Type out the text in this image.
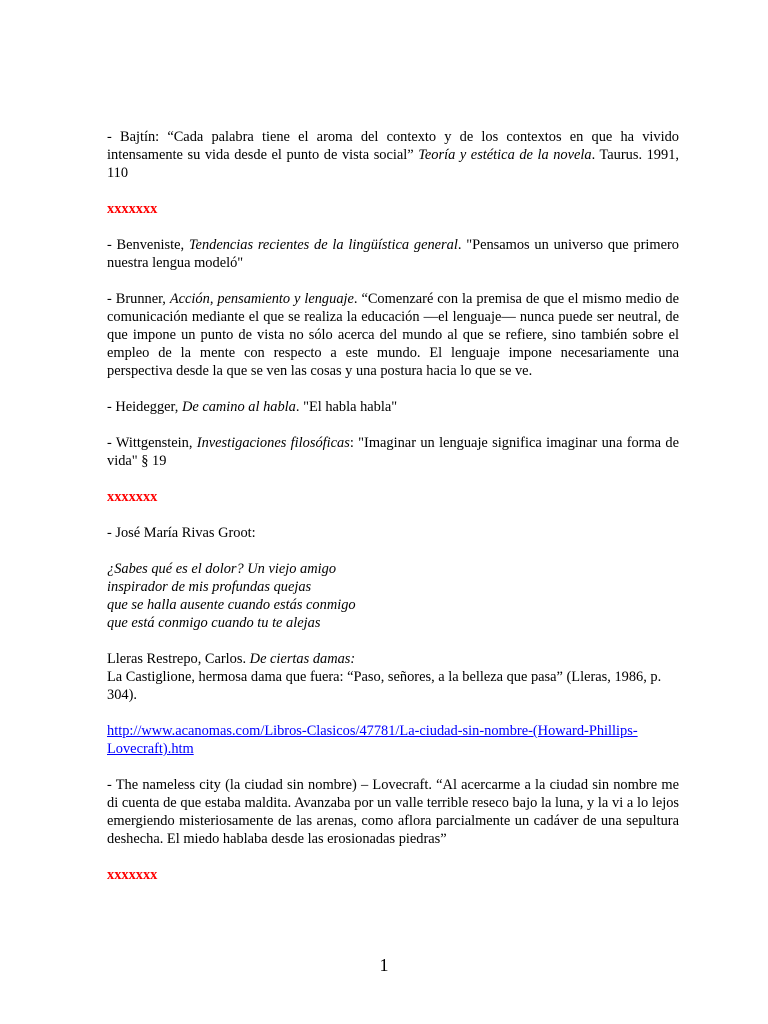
- Bajtín: “Cada palabra tiene el aroma del contexto y de los contextos en que ha vivido intensamente su vida desde el punto de vista social” Teoría y estética de la novela. Taurus. 1991, 110

xxxxxxx

- Benveniste, Tendencias recientes de la lingüística general. "Pensamos un universo que primero nuestra lengua modeló"

- Brunner, Acción, pensamiento y lenguaje. “Comenzaré con la premisa de que el mismo medio de comunicación mediante el que se realiza la educación —el lenguaje— nunca puede ser neutral, de que impone un punto de vista no sólo acerca del mundo al que se refiere, sino también sobre el empleo de la mente con respecto a este mundo. El lenguaje impone necesariamente una perspectiva desde la que se ven las cosas y una postura hacia lo que se ve.

- Heidegger, De camino al habla. "El habla habla"

- Wittgenstein, Investigaciones filosóficas: "Imaginar un lenguaje significa imaginar una forma de vida" § 19

xxxxxxx

- José María Rivas Groot:

¿Sabes qué es el dolor? Un viejo amigo
inspirador de mis profundas quejas
que se halla ausente cuando estás conmigo
que está conmigo cuando tu te alejas

Lleras Restrepo, Carlos. De ciertas damas:
La Castiglione, hermosa dama que fuera: “Paso, señores, a la belleza que pasa” (Lleras, 1986, p. 304).

http://www.acanomas.com/Libros-Clasicos/47781/La-ciudad-sin-nombre-(Howard-Phillips-Lovecraft).htm

- The nameless city (la ciudad sin nombre) – Lovecraft. “Al acercarme a la ciudad sin nombre me di cuenta de que estaba maldita. Avanzaba por un valle terrible reseco bajo la luna, y la vi a lo lejos emergiendo misteriosamente de las arenas, como aflora parcialmente un cadáver de una sepultura deshecha. El miedo hablaba desde las erosionadas piedras”

xxxxxxx

1
